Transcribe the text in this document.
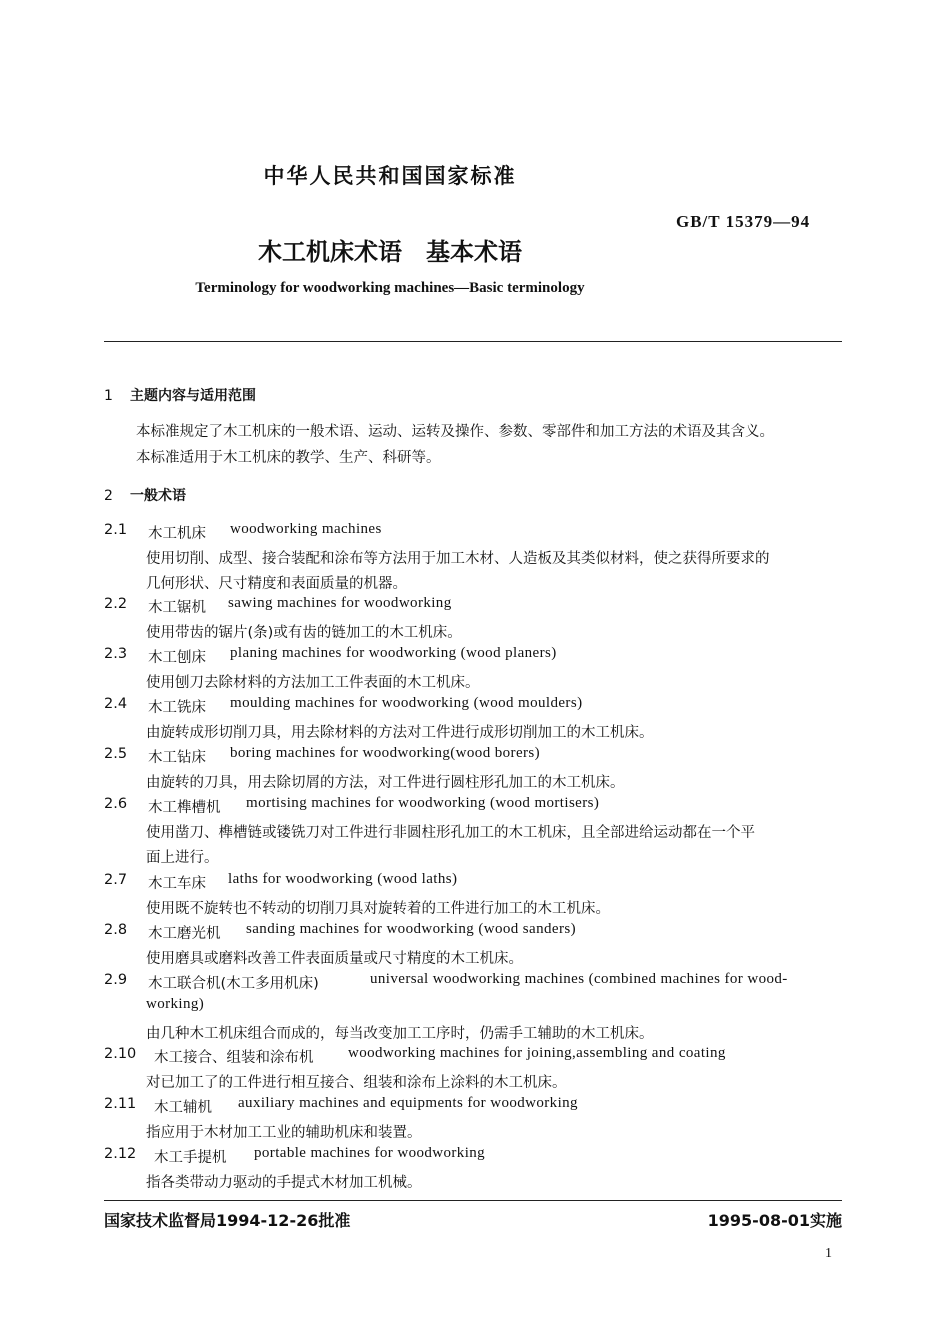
中华人民共和国国家标准
GB/T 15379—94
木工机床术语　基本术语
Terminology for woodworking machines—Basic terminology
1 主题内容与适用范围
本标准规定了木工机床的一般术语、运动、运转及操作、参数、零部件和加工方法的术语及其含义。
本标准适用于木工机床的教学、生产、科研等。
2 一般术语
2.1 木工机床 woodworking machines
使用切削、成型、接合装配和涂布等方法用于加工木材、人造板及其类似材料，使之获得所要求的
几何形状、尺寸精度和表面质量的机器。
2.2 木工锯机 sawing machines for woodworking
使用带齿的锯片(条)或有齿的链加工的木工机床。
2.3 木工刨床 planing machines for woodworking (wood planers)
使用刨刀去除材料的方法加工工件表面的木工机床。
2.4 木工铣床 moulding machines for woodworking (wood moulders)
由旋转成形切削刀具，用去除材料的方法对工件进行成形切削加工的木工机床。
2.5 木工钻床 boring machines for woodworking(wood borers)
由旋转的刀具，用去除切屑的方法，对工件进行圆柱形孔加工的木工机床。
2.6 木工榫槽机 mortising machines for woodworking (wood mortisers)
使用凿刀、榫槽链或镂铣刀对工件进行非圆柱形孔加工的木工机床，且全部进给运动都在一个平
面上进行。
2.7 木工车床 laths for woodworking (wood laths)
使用既不旋转也不转动的切削刀具对旋转着的工件进行加工的木工机床。
2.8 木工磨光机 sanding machines for woodworking (wood sanders)
使用磨具或磨料改善工件表面质量或尺寸精度的木工机床。
2.9 木工联合机(木工多用机床)	universal woodworking machines (combined machines for wood-
working)
由几种木工机床组合而成的，每当改变加工工序时，仍需手工辅助的木工机床。
2.10 木工接合、组装和涂布机 woodworking machines for joining,assembling and coating
对已加工了的工件进行相互接合、组装和涂布上涂料的木工机床。
2.11 木工辅机 auxiliary machines and equipments for woodworking
指应用于木材加工工业的辅助机床和装置。
2.12 木工手提机 portable machines for woodworking
指各类带动力驱动的手提式木材加工机械。
国家技术监督局1994-12-26批准	1995-08-01实施
1
